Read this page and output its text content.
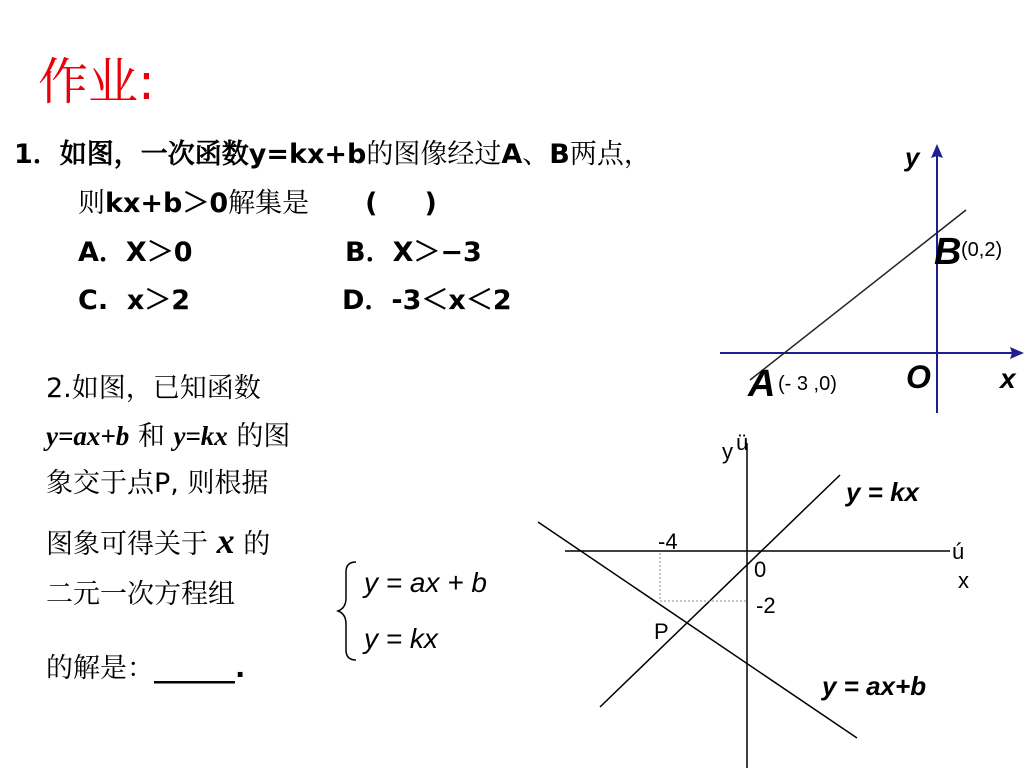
作业:
1．如图，一次函数y=kx+b的图像经过A、B两点，
则kx+b＞0解集是 (     )
A．X＞0	B．X＞−3
C.  x＞2	D．-3＜x＜2
y
x
O
B (0,2)
A (- 3 ,0)
2.如图，已知函数
y=ax+b 和 y=kx 的图
象交于点P, 则根据
图象可得关于 x 的
二元一次方程组
的解是：______.
y = ax + b
y = kx
y ü
ú
x
0
-4
-2
P
y = kx
y = ax+b
